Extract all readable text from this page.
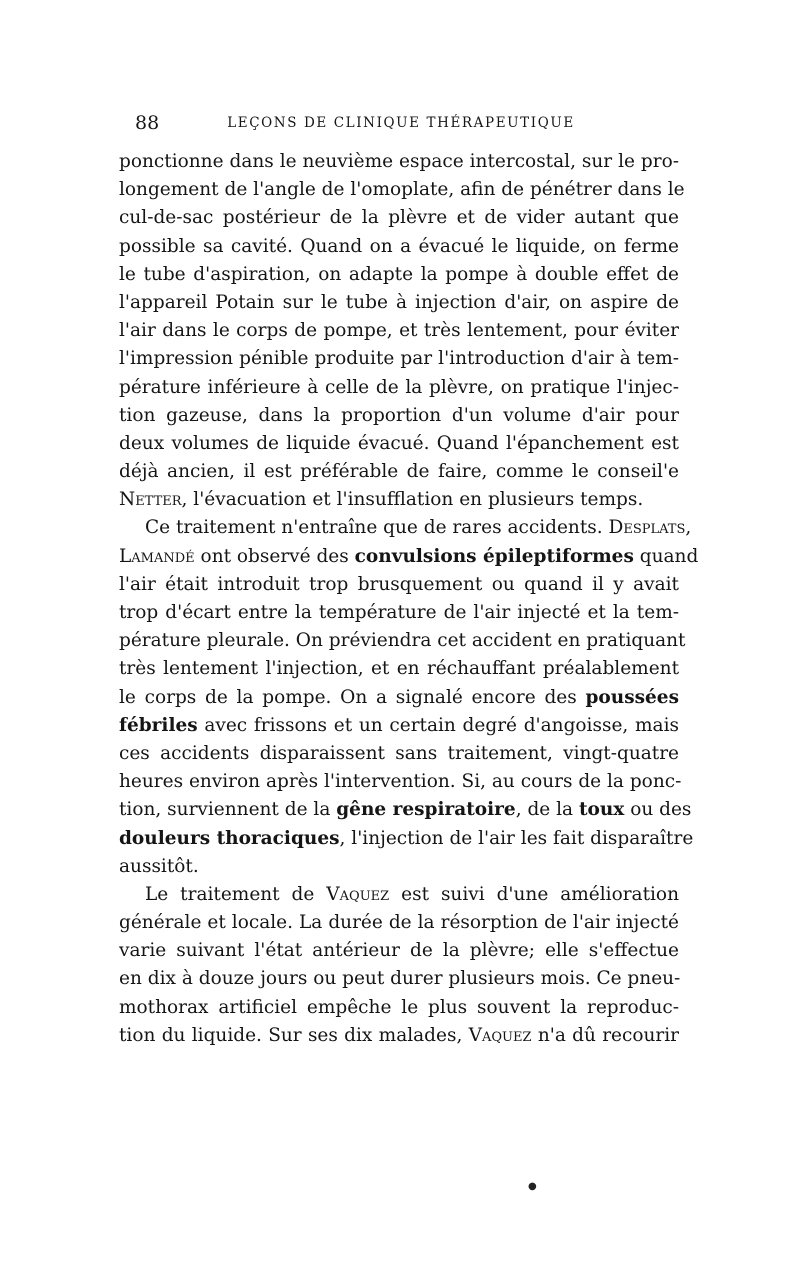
88	LEÇONS DE CLINIQUE THÉRAPEUTIQUE
ponctionne dans le neuvième espace intercostal, sur le pro-
longement de l'angle de l'omoplate, afin de pénétrer dans le
cul-de-sac postérieur de la plèvre et de vider autant que
possible sa cavité. Quand on a évacué le liquide, on ferme
le tube d'aspiration, on adapte la pompe à double effet de
l'appareil Potain sur le tube à injection d'air, on aspire de
l'air dans le corps de pompe, et très lentement, pour éviter
l'impression pénible produite par l'introduction d'air à tem-
pérature inférieure à celle de la plèvre, on pratique l'injec-
tion gazeuse, dans la proportion d'un volume d'air pour
deux volumes de liquide évacué. Quand l'épanchement est
déjà ancien, il est préférable de faire, comme le conseil'e
Netter, l'évacuation et l'insufflation en plusieurs temps.
Ce traitement n'entraîne que de rares accidents. Desplats,
Lamandé ont observé des convulsions épileptiformes quand
l'air était introduit trop brusquement ou quand il y avait
trop d'écart entre la température de l'air injecté et la tem-
pérature pleurale. On préviendra cet accident en pratiquant
très lentement l'injection, et en réchauffant préalablement
le corps de la pompe. On a signalé encore des poussées
fébriles avec frissons et un certain degré d'angoisse, mais
ces accidents disparaissent sans traitement, vingt-quatre
heures environ après l'intervention. Si, au cours de la ponc-
tion, surviennent de la gêne respiratoire, de la toux ou des
douleurs thoraciques, l'injection de l'air les fait disparaître
aussitôt.
Le traitement de Vaquez est suivi d'une amélioration
générale et locale. La durée de la résorption de l'air injecté
varie suivant l'état antérieur de la plèvre; elle s'effectue
en dix à douze jours ou peut durer plusieurs mois. Ce pneu-
mothorax artificiel empêche le plus souvent la reproduc-
tion du liquide. Sur ses dix malades, Vaquez n'a dû recourir
●
